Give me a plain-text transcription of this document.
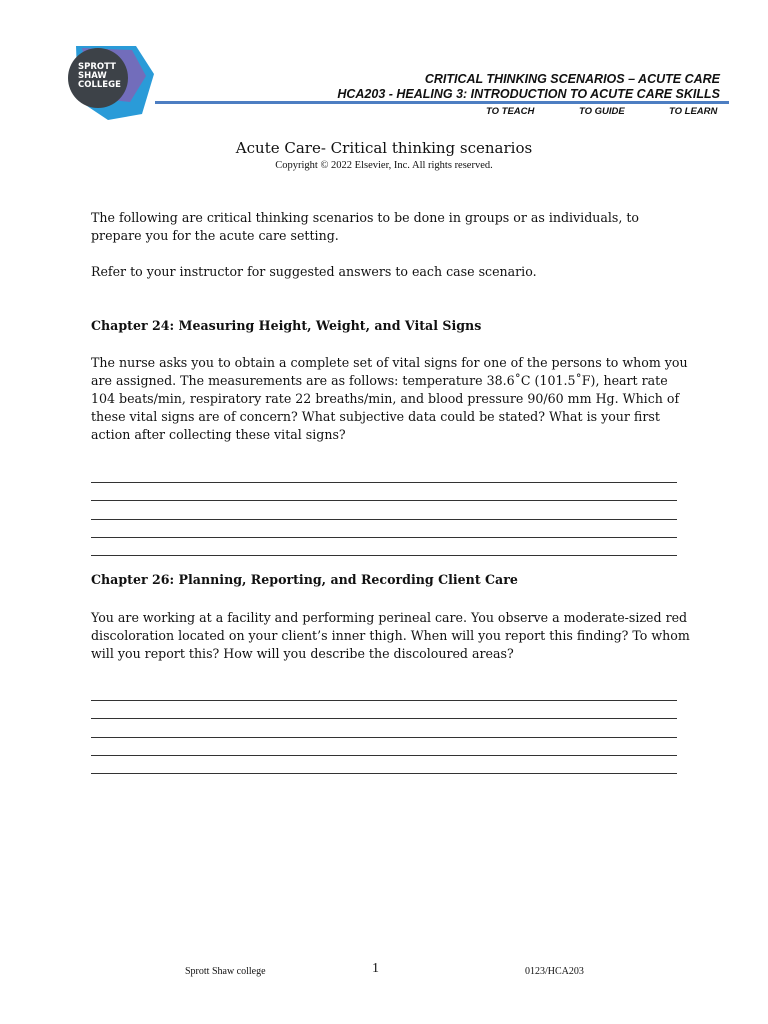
SPROTT
SHAW
COLLEGE	CRITICAL THINKING SCENARIOS – ACUTE CARE
HCA203 - HEALING 3: INTRODUCTION TO ACUTE CARE SKILLS
TO TEACH	TO GUIDE	TO LEARN
Acute Care- Critical thinking scenarios
Copyright © 2022 Elsevier, Inc. All rights reserved.
The following are critical thinking scenarios to be done in groups or as individuals, to prepare you for the acute care setting.
Refer to your instructor for suggested answers to each case scenario.
Chapter 24: Measuring Height, Weight, and Vital Signs
The nurse asks you to obtain a complete set of vital signs for one of the persons to whom you are assigned. The measurements are as follows: temperature 38.6˚C (101.5˚F), heart rate 104 beats/min, respiratory rate 22 breaths/min, and blood pressure 90/60 mm Hg. Which of these vital signs are of concern? What subjective data could be stated? What is your first action after collecting these vital signs?
Chapter 26: Planning, Reporting, and Recording Client Care
You are working at a facility and performing perineal care. You observe a moderate-sized red discoloration located on your client’s inner thigh. When will you report this finding? To whom will you report this? How will you describe the discoloured areas?
Sprott Shaw college	1	0123/HCA203
